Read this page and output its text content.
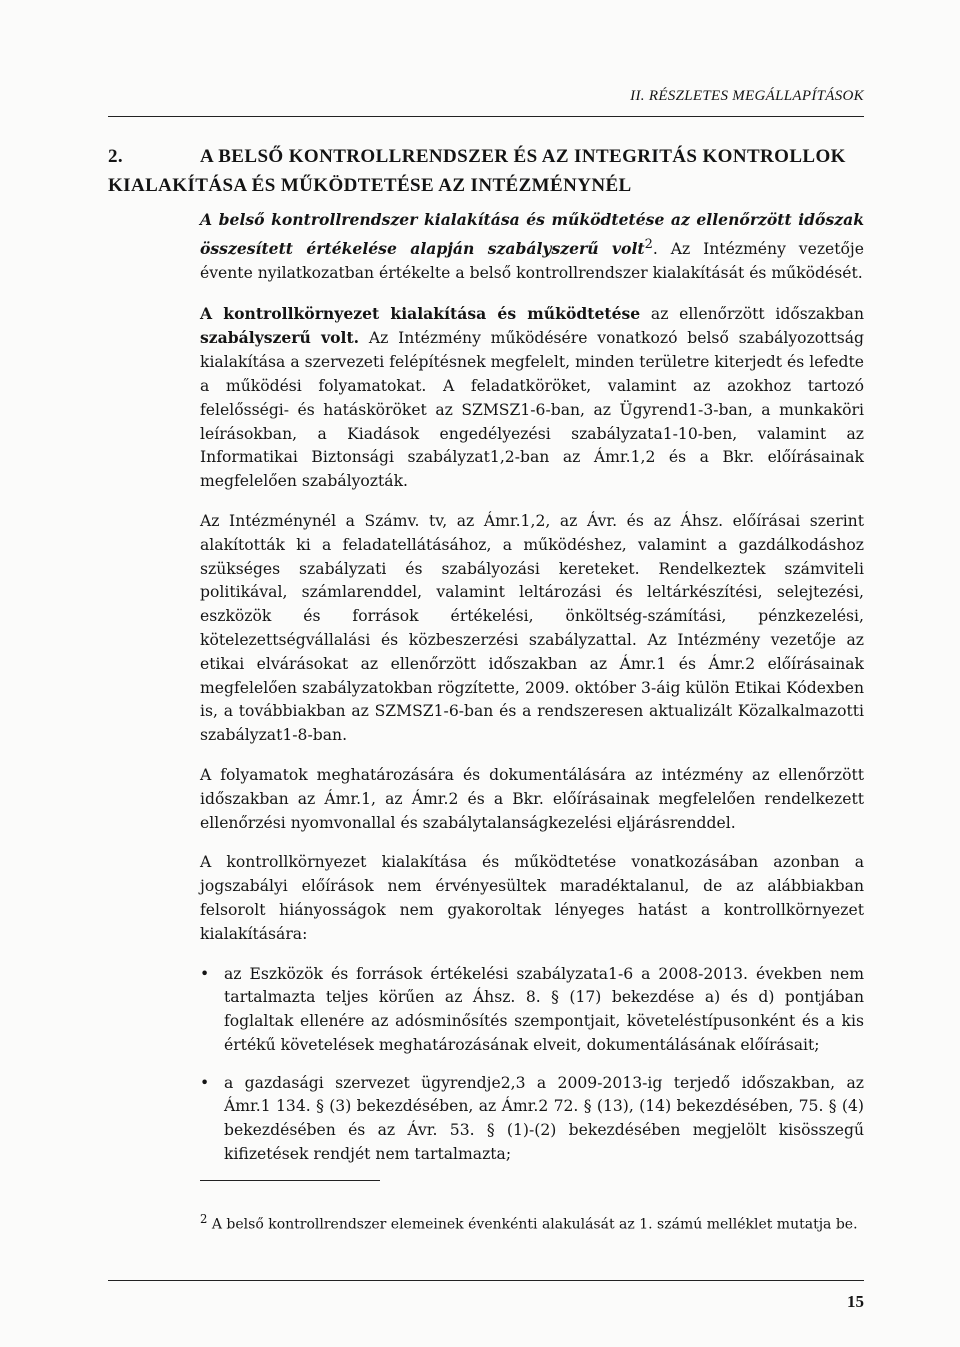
II. RÉSZLETES MEGÁLLAPÍTÁSOK
2.	A BELSŐ KONTROLLRENDSZER ÉS AZ INTEGRITÁS KONTROLLOK KIALAKÍTÁSA ÉS MŰKÖDTETÉSE AZ INTÉZMÉNYNÉL

A belső kontrollrendszer kialakítása és működtetése az ellenőrzött időszak összesített értékelése alapján szabályszerű volt$^2$. Az Intézmény vezetője évente nyilatkozatban értékelte a belső kontrollrendszer kialakítását és működését.

A kontrollkörnyezet kialakítása és működtetése az ellenőrzött időszakban szabályszerű volt. Az Intézmény működésére vonatkozó belső szabályozottság kialakítása a szervezeti felépítésnek megfelelt, minden területre kiterjedt és lefedte a működési folyamatokat. A feladatköröket, valamint az azokhoz tartozó felelősségi- és hatásköröket az SZMSZ1-6-ban, az Ügyrend1-3-ban, a munkaköri leírásokban, a Kiadások engedélyezési szabályzata1-10-ben, valamint az Informatikai Biztonsági szabályzat1,2-ban az Ámr.1,2 és a Bkr. előírásainak megfelelően szabályozták.

Az Intézménynél a Számv. tv, az Ámr.1,2, az Ávr. és az Áhsz. előírásai szerint alakították ki a feladatellátásához, a működéshez, valamint a gazdálkodáshoz szükséges szabályzati és szabályozási kereteket. Rendelkeztek számviteli politikával, számlarenddel, valamint leltározási és leltárkészítési, selejtezési, eszközök és források értékelési, önköltség-számítási, pénzkezelési, kötelezettségvállalási és közbeszerzési szabályzattal. Az Intézmény vezetője az etikai elvárásokat az ellenőrzött időszakban az Ámr.1 és Ámr.2 előírásainak megfelelően szabályzatokban rögzítette, 2009. október 3-áig külön Etikai Kódexben is, a továbbiakban az SZMSZ1-6-ban és a rendszeresen aktualizált Közalkalmazotti szabályzat1-8-ban.

A folyamatok meghatározására és dokumentálására az intézmény az ellenőrzött időszakban az Ámr.1, az Ámr.2 és a Bkr. előírásainak megfelelően rendelkezett ellenőrzési nyomvonallal és szabálytalanságkezelési eljárásrenddel.

A kontrollkörnyezet kialakítása és működtetése vonatkozásában azonban a jogszabályi előírások nem érvényesültek maradéktalanul, de az alábbiakban felsorolt hiányosságok nem gyakoroltak lényeges hatást a kontrollkörnyezet kialakítására:

• az Eszközök és források értékelési szabályzata1-6 a 2008-2013. években nem tartalmazta teljes körűen az Áhsz. 8. § (17) bekezdése a) és d) pontjában foglaltak ellenére az adósminősítés szempontjait, követeléstípusonként és a kis értékű követelések meghatározásának elveit, dokumentálásának előírásait;
• a gazdasági szervezet ügyrendje2,3 a 2009-2013-ig terjedő időszakban, az Ámr.1 134. § (3) bekezdésében, az Ámr.2 72. § (13), (14) bekezdésében, 75. § (4) bekezdésében és az Ávr. 53. § (1)-(2) bekezdésében megjelölt kisösszegű kifizetések rendjét nem tartalmazta;
$^2$ A belső kontrollrendszer elemeinek évenkénti alakulását az 1. számú melléklet mutatja be.
15
